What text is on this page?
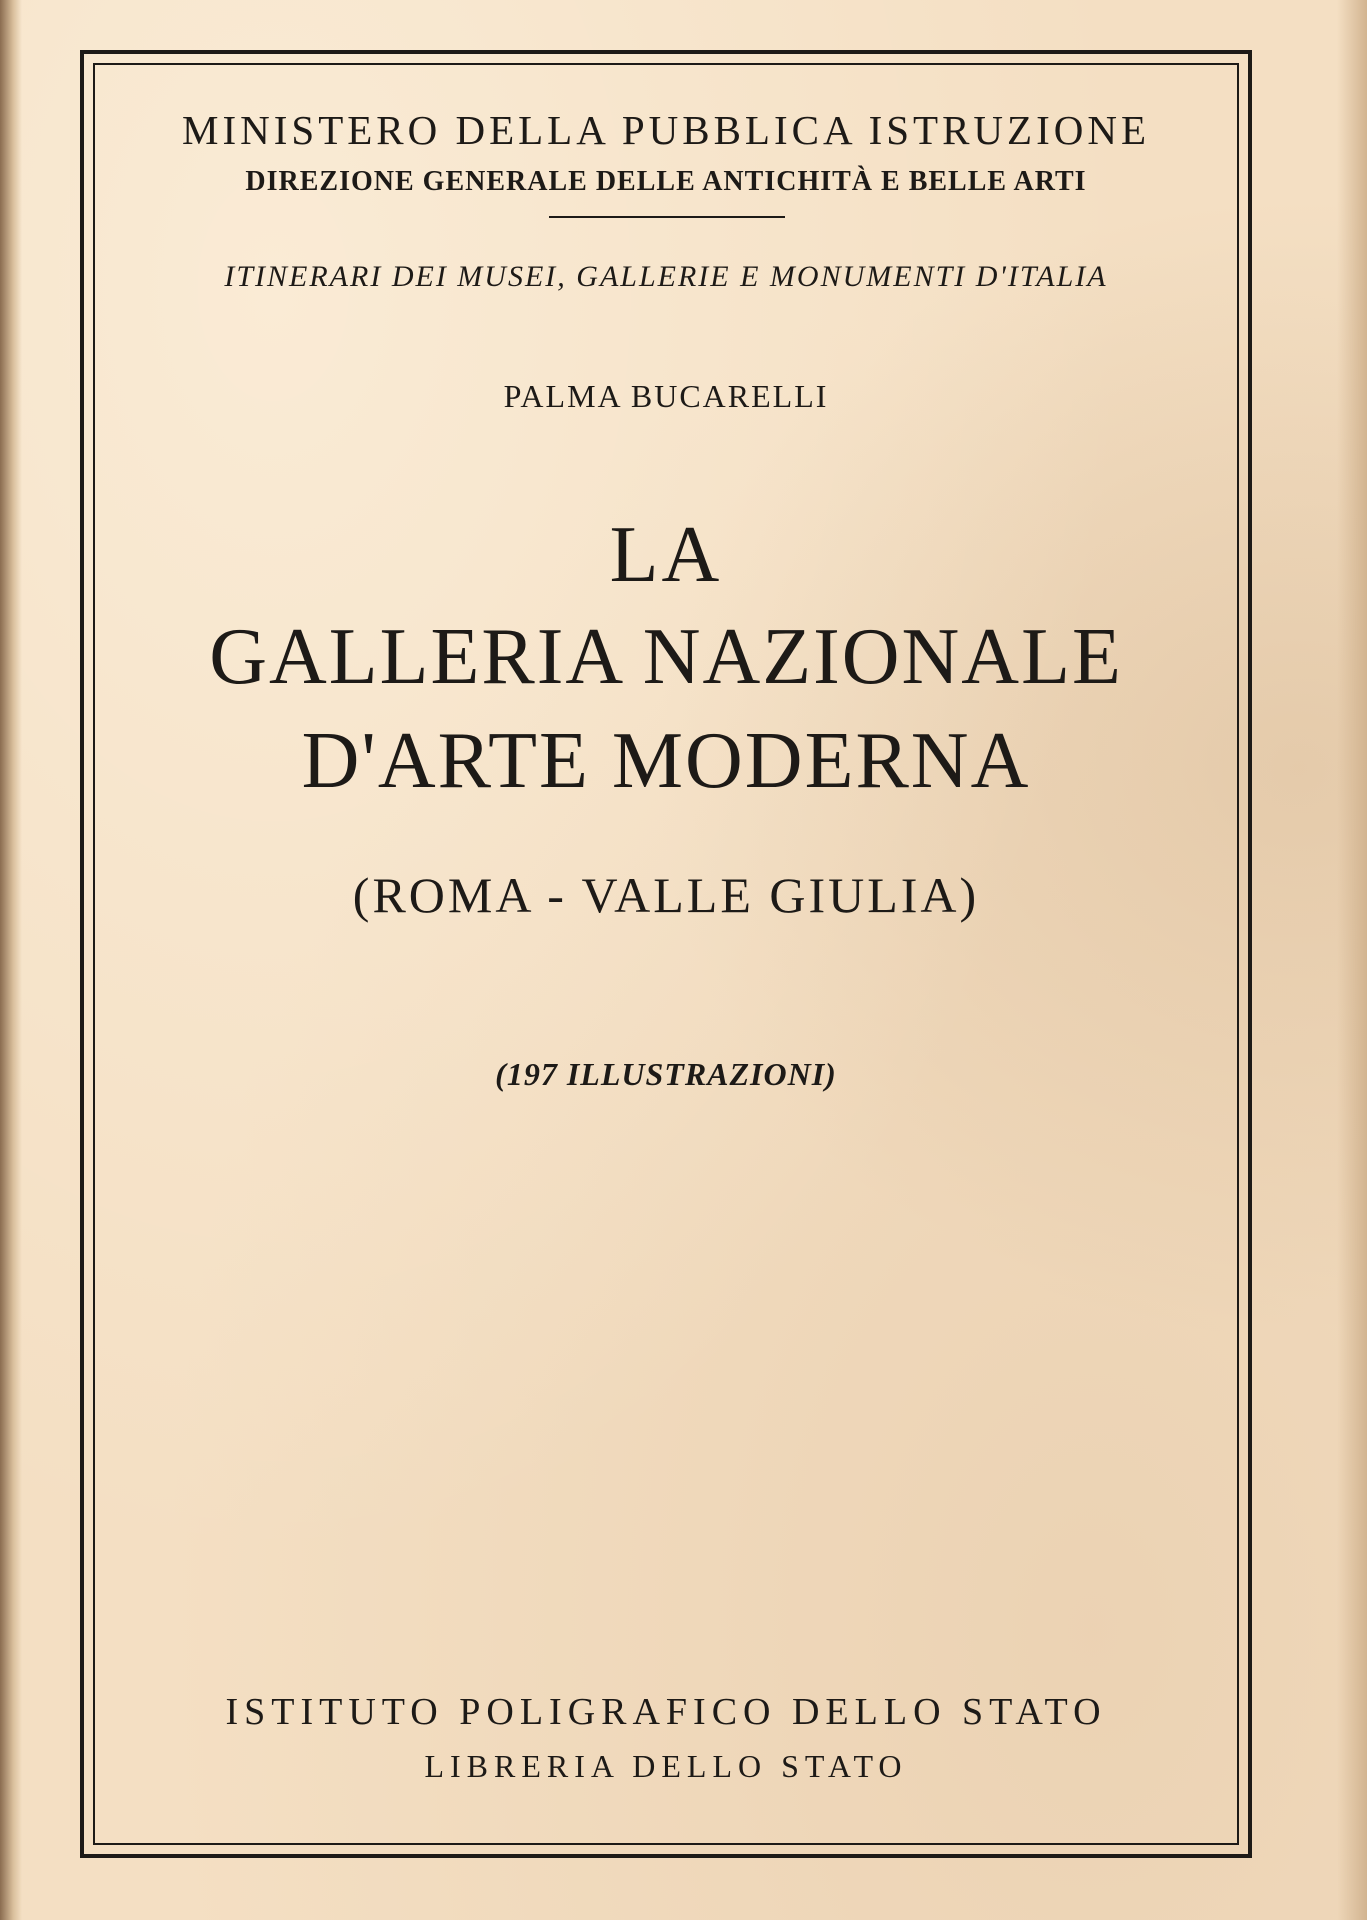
MINISTERO DELLA PUBBLICA ISTRUZIONE
DIREZIONE GENERALE DELLE ANTICHITÀ E BELLE ARTI
ITINERARI DEI MUSEI, GALLERIE E MONUMENTI D'ITALIA
PALMA BUCARELLI
LA
GALLERIA NAZIONALE
D'ARTE MODERNA
(ROMA - VALLE GIULIA)
(197 ILLUSTRAZIONI)
ISTITUTO POLIGRAFICO DELLO STATO
LIBRERIA DELLO STATO
